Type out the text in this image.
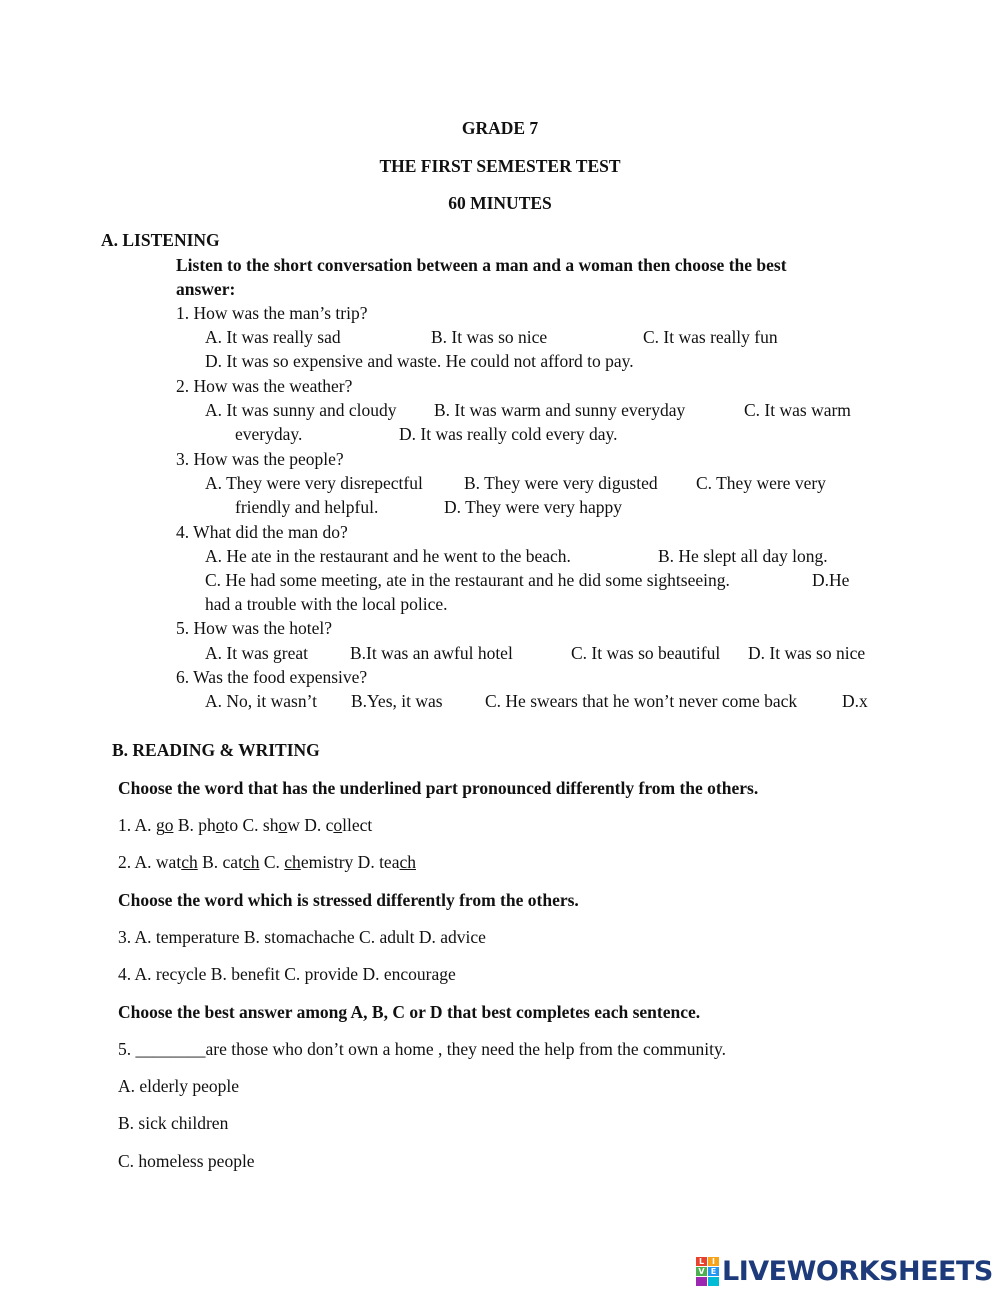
GRADE 7
THE FIRST SEMESTER TEST
60 MINUTES
A. LISTENING
Listen to the short conversation between a man and a woman then choose the best
answer:
1. How was the man’s trip?
A. It was really sad	B. It was so nice	C. It was really fun
D. It was so expensive and waste. He could not afford to pay.
2. How was the weather?
A. It was sunny and cloudy B. It was warm and sunny everyday	C. It was warm
everyday.	D. It was really cold every day.
3. How was the people?
A. They were very disrepectful B. They were very digusted C. They were very
friendly and helpful.	D. They were very happy
4. What did the man do?
A. He ate in the restaurant and he went to the beach.	B. He slept all day long.
C. He had some meeting, ate in the restaurant and he did some sightseeing.	D.He
had a trouble with the local police.
5. How was the hotel?
A. It was great B.It was an awful hotel	C. It was so beautiful D. It was so nice
6. Was the food expensive?
A. No, it wasn’t B.Yes, it was C. He swears that he won’t never come back	D.x
B. READING & WRITING
Choose the word that has the underlined part pronounced differently from the others.
1. A. go B. photo C. show D. collect
2. A. watch B. catch C. chemistry D. teach
Choose the word which is stressed differently from the others.
3. A. temperature B. stomachache C. adult D. advice
4. A. recycle B. benefit C. provide D. encourage
Choose the best answer among A, B, C or D that best completes each sentence.
5. ________are those who don’t own a home , they need the help from the community.
A. elderly people
B. sick children
C. homeless people
L I
V E LIVEWORKSHEETS
